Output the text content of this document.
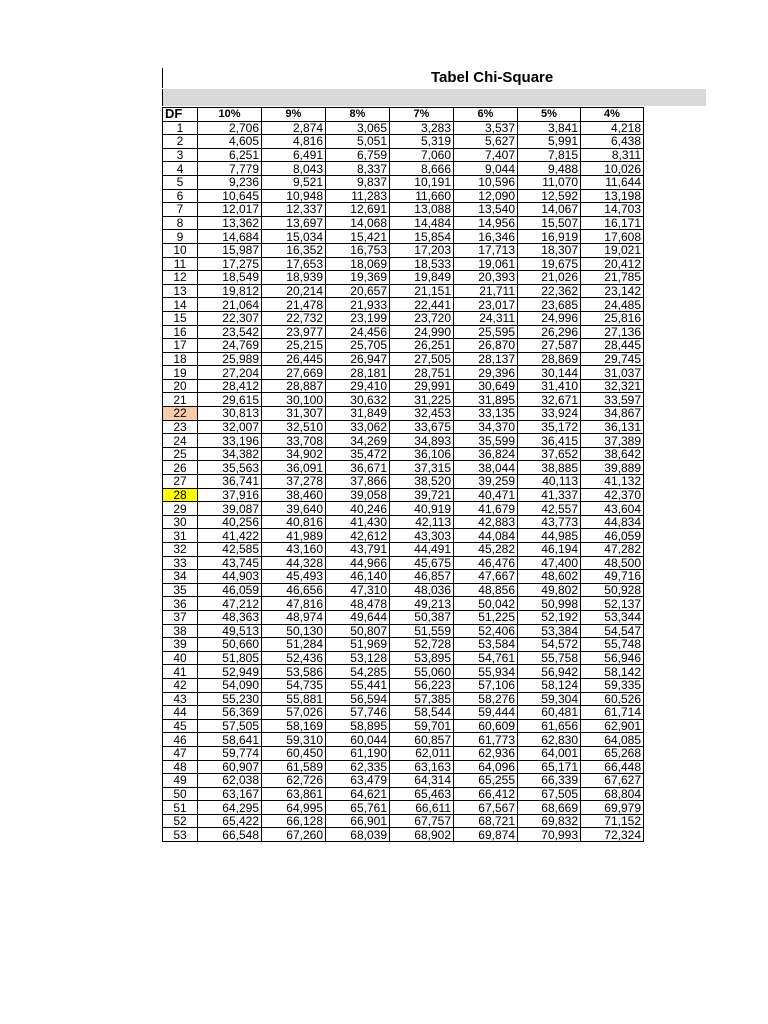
Tabel Chi-Square
DF	10%	9%	8%	7%	6%	5%	4%
1	2,706	2,874	3,065	3,283	3,537	3,841	4,218
2	4,605	4,816	5,051	5,319	5,627	5,991	6,438
3	6,251	6,491	6,759	7,060	7,407	7,815	8,311
4	7,779	8,043	8,337	8,666	9,044	9,488	10,026
5	9,236	9,521	9,837	10,191	10,596	11,070	11,644
6	10,645	10,948	11,283	11,660	12,090	12,592	13,198
7	12,017	12,337	12,691	13,088	13,540	14,067	14,703
8	13,362	13,697	14,068	14,484	14,956	15,507	16,171
9	14,684	15,034	15,421	15,854	16,346	16,919	17,608
10	15,987	16,352	16,753	17,203	17,713	18,307	19,021
11	17,275	17,653	18,069	18,533	19,061	19,675	20,412
12	18,549	18,939	19,369	19,849	20,393	21,026	21,785
13	19,812	20,214	20,657	21,151	21,711	22,362	23,142
14	21,064	21,478	21,933	22,441	23,017	23,685	24,485
15	22,307	22,732	23,199	23,720	24,311	24,996	25,816
16	23,542	23,977	24,456	24,990	25,595	26,296	27,136
17	24,769	25,215	25,705	26,251	26,870	27,587	28,445
18	25,989	26,445	26,947	27,505	28,137	28,869	29,745
19	27,204	27,669	28,181	28,751	29,396	30,144	31,037
20	28,412	28,887	29,410	29,991	30,649	31,410	32,321
21	29,615	30,100	30,632	31,225	31,895	32,671	33,597
22	30,813	31,307	31,849	32,453	33,135	33,924	34,867
23	32,007	32,510	33,062	33,675	34,370	35,172	36,131
24	33,196	33,708	34,269	34,893	35,599	36,415	37,389
25	34,382	34,902	35,472	36,106	36,824	37,652	38,642
26	35,563	36,091	36,671	37,315	38,044	38,885	39,889
27	36,741	37,278	37,866	38,520	39,259	40,113	41,132
28	37,916	38,460	39,058	39,721	40,471	41,337	42,370
29	39,087	39,640	40,246	40,919	41,679	42,557	43,604
30	40,256	40,816	41,430	42,113	42,883	43,773	44,834
31	41,422	41,989	42,612	43,303	44,084	44,985	46,059
32	42,585	43,160	43,791	44,491	45,282	46,194	47,282
33	43,745	44,328	44,966	45,675	46,476	47,400	48,500
34	44,903	45,493	46,140	46,857	47,667	48,602	49,716
35	46,059	46,656	47,310	48,036	48,856	49,802	50,928
36	47,212	47,816	48,478	49,213	50,042	50,998	52,137
37	48,363	48,974	49,644	50,387	51,225	52,192	53,344
38	49,513	50,130	50,807	51,559	52,406	53,384	54,547
39	50,660	51,284	51,969	52,728	53,584	54,572	55,748
40	51,805	52,436	53,128	53,895	54,761	55,758	56,946
41	52,949	53,586	54,285	55,060	55,934	56,942	58,142
42	54,090	54,735	55,441	56,223	57,106	58,124	59,335
43	55,230	55,881	56,594	57,385	58,276	59,304	60,526
44	56,369	57,026	57,746	58,544	59,444	60,481	61,714
45	57,505	58,169	58,895	59,701	60,609	61,656	62,901
46	58,641	59,310	60,044	60,857	61,773	62,830	64,085
47	59,774	60,450	61,190	62,011	62,936	64,001	65,268
48	60,907	61,589	62,335	63,163	64,096	65,171	66,448
49	62,038	62,726	63,479	64,314	65,255	66,339	67,627
50	63,167	63,861	64,621	65,463	66,412	67,505	68,804
51	64,295	64,995	65,761	66,611	67,567	68,669	69,979
52	65,422	66,128	66,901	67,757	68,721	69,832	71,152
53	66,548	67,260	68,039	68,902	69,874	70,993	72,324
